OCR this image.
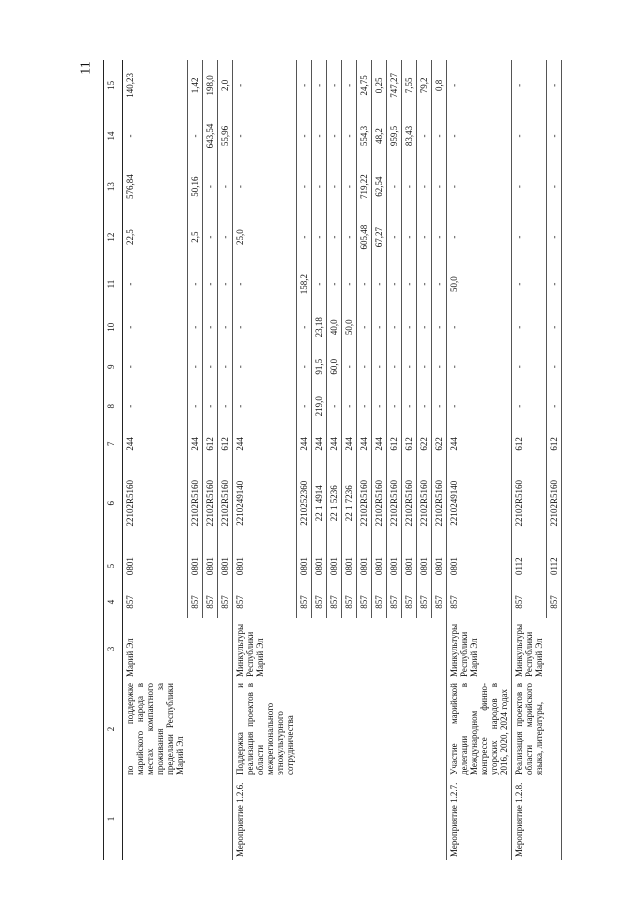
11
1	2	3	4	5	6	7	8	9	10	11	12	13	14	15
	по поддержке марийского народа в местах компактного проживания за пределами Республики Марий Эл	Марий Эл	857	0801	22102R5160	244	-	-	-	-	22,5	576,84	-	140,23
			857	0801	22102R5160	244	-	-	-	-	2,5	50,16	-	1,42
			857	0801	22102R5160	612	-	-	-	-	-	-	643,54	198,0
			857	0801	22102R5160	612	-	-	-	-	-	-	55,96	2,0
Мероприятие 1.2.6.	Поддержка и реализация проектов в области межрегионального этнокультурного сотрудничества	Минкультуры Республики Марий Эл	857	0801	2210249140	244	-	-	-	-	25,0	-	-	-
			857	0801	2210252360	244	-	-	-	158,2	-	-	-	-
			857	0801	22 1 4914	244	219,0	91,5	23,18	-	-	-	-	-
			857	0801	22 1 5236	244	-	60,0	40,0	-	-	-	-	-
			857	0801	22 1 7236	244	-	-	50,0	-	-	-	-	-
			857	0801	22102R5160	244	-	-	-	-	605,48	719,22	554,3	24,75
			857	0801	22102R5160	244	-	-	-	-	67,27	62,54	48,2	0,25
			857	0801	22102R5160	612	-	-	-	-	-	-	959,5	747,27
			857	0801	22102R5160	612	-	-	-	-	-	-	83,43	7,55
			857	0801	22102R5160	622	-	-	-	-	-	-	-	79,2
			857	0801	22102R5160	622	-	-	-	-	-	-	-	0,8
Мероприятие 1.2.7.	Участие марийской делегации в Международном конгрессе финно-угорских народов в 2016, 2020, 2024 годах	Минкультуры Республики Марий Эл	857	0801	2210249140	244	-	-	-	50,0	-	-	-	-
Мероприятие 1.2.8.	Реализация проектов в области марийского языка, литературы,	Минкультуры Республики Марий Эл	857	0112	22102R5160	612	-	-	-	-	-	-	-	-
			857	0112	22102R5160	612	-	-	-	-	-	-	-	-
